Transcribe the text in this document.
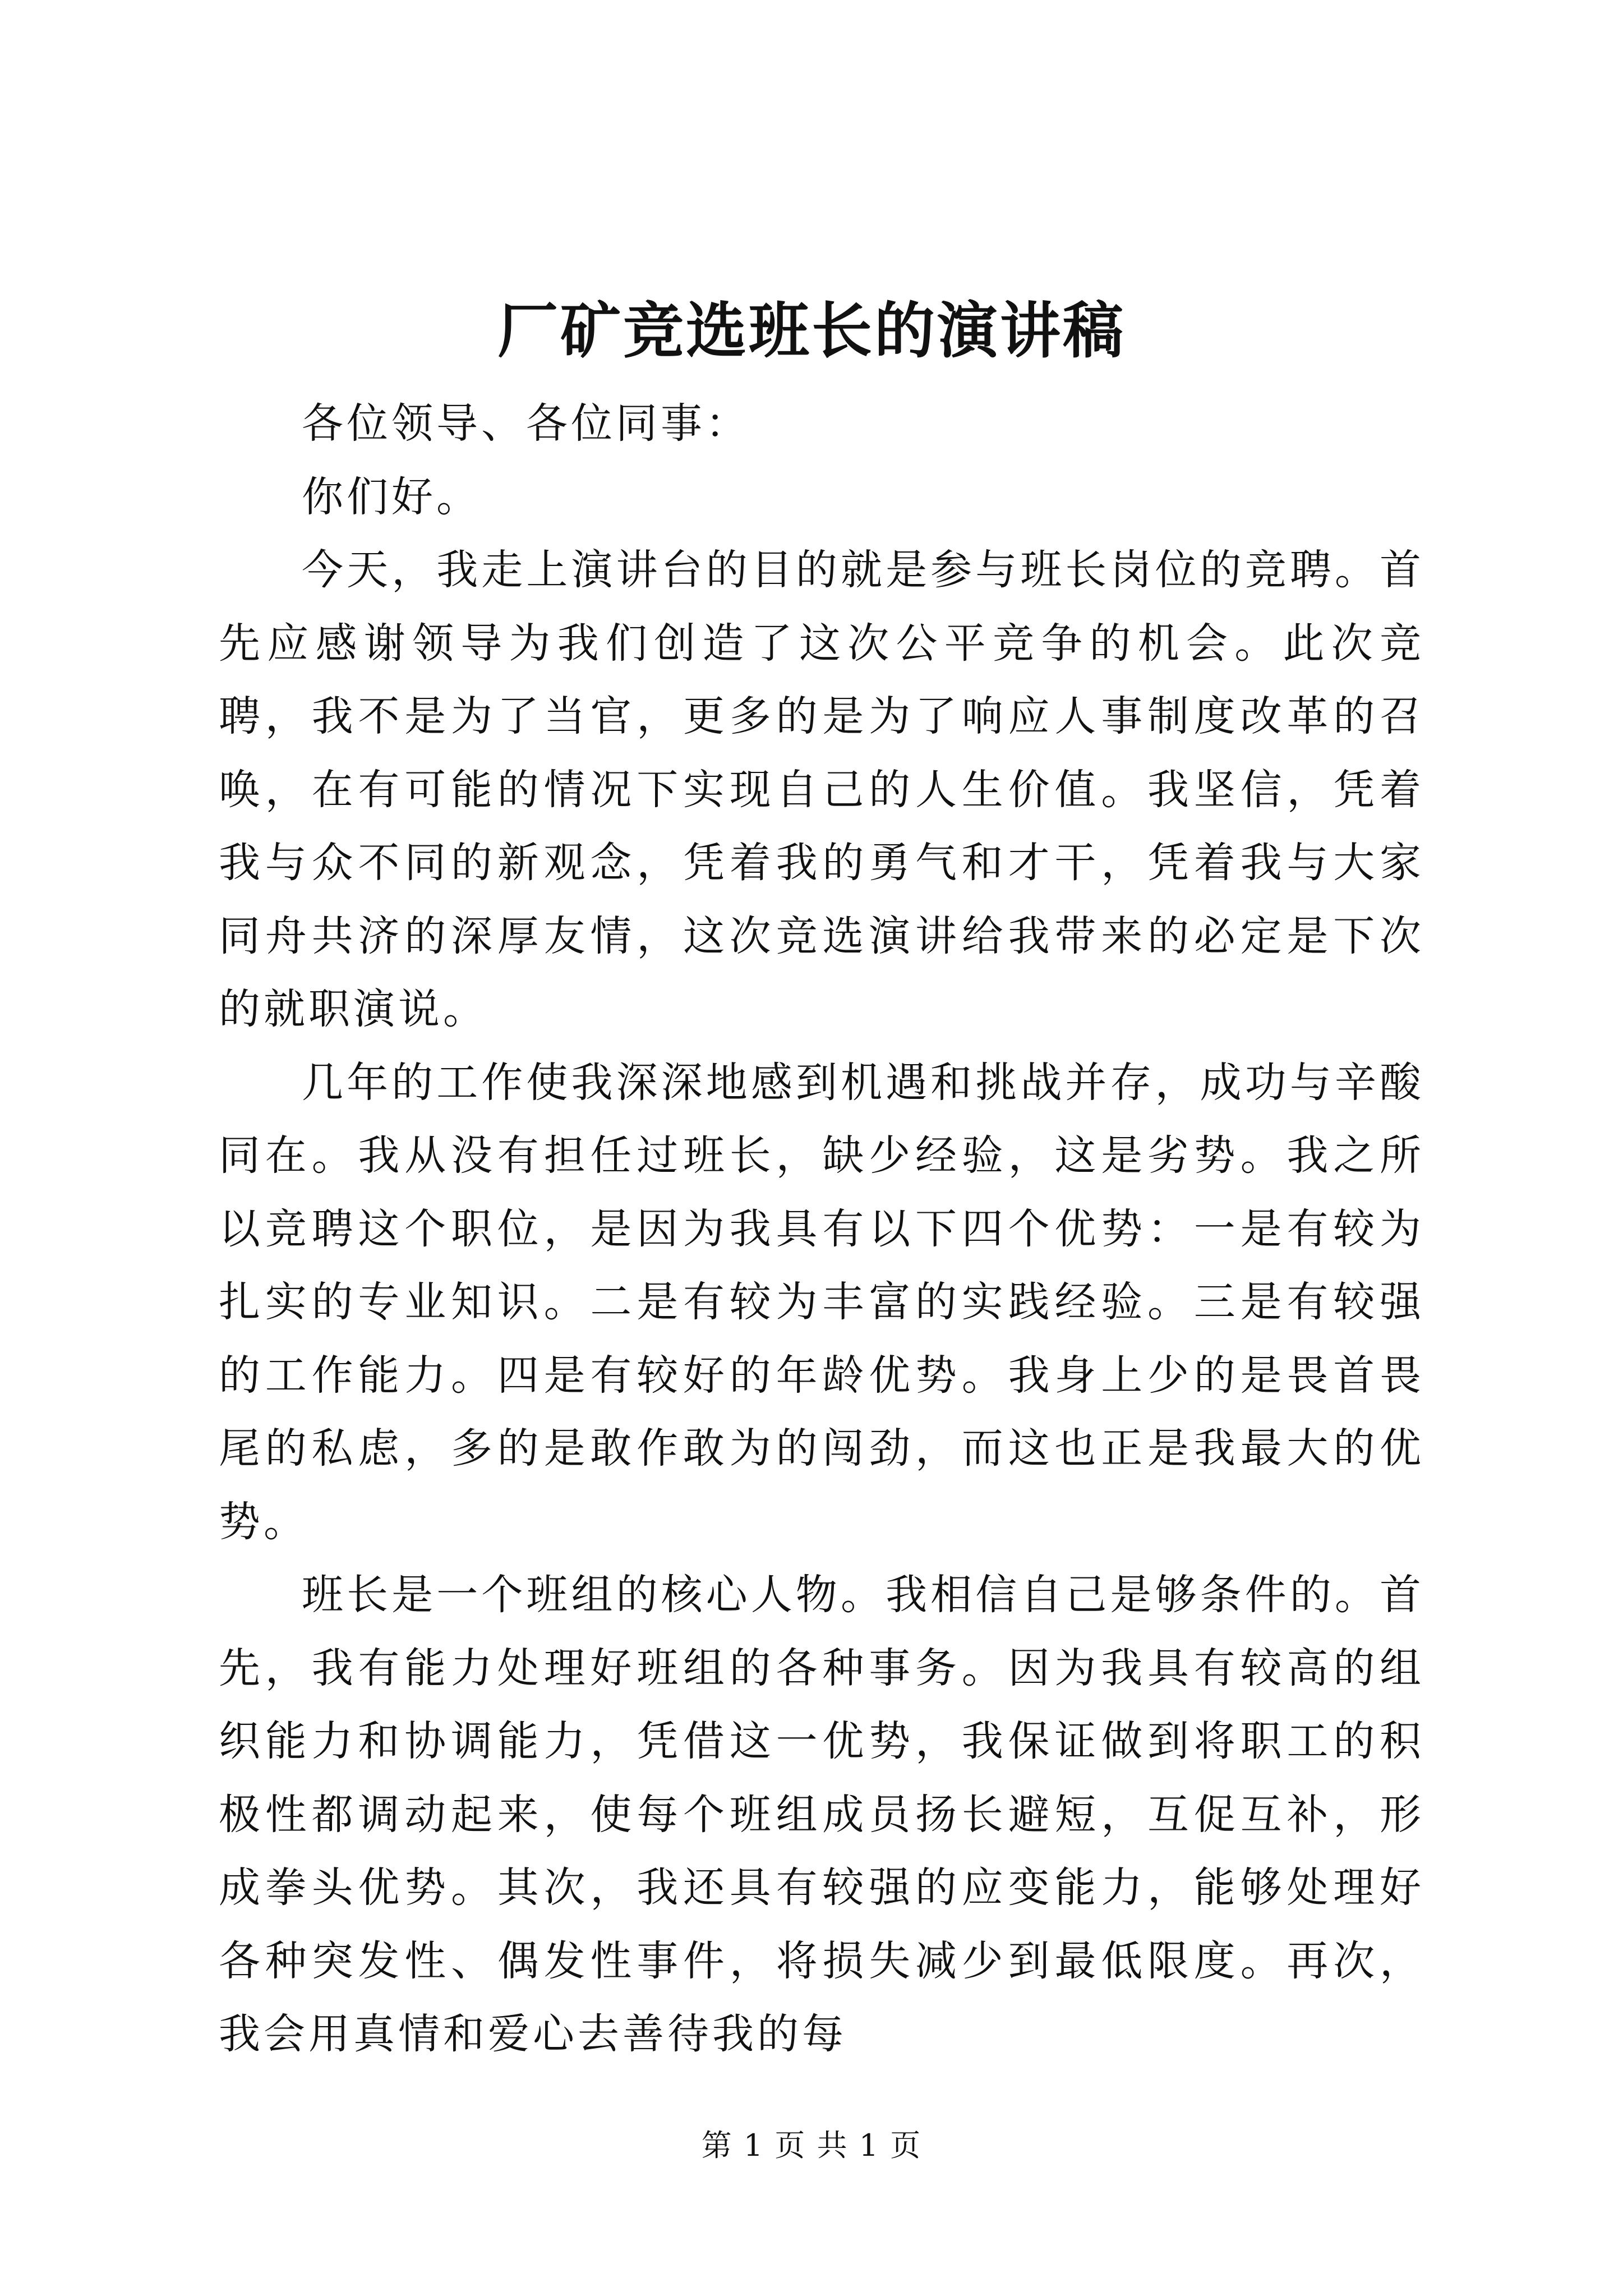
厂矿竞选班长的演讲稿

各位领导、各位同事：

你们好。

今天，我走上演讲台的目的就是参与班长岗位的竞聘。首先应感谢领导为我们创造了这次公平竞争的机会。此次竞聘，我不是为了当官，更多的是为了响应人事制度改革的召唤，在有可能的情况下实现自己的人生价值。我坚信，凭着我与众不同的新观念，凭着我的勇气和才干，凭着我与大家同舟共济的深厚友情，这次竞选演讲给我带来的必定是下次的就职演说。

几年的工作使我深深地感到机遇和挑战并存，成功与辛酸同在。我从没有担任过班长，缺少经验，这是劣势。我之所以竞聘这个职位，是因为我具有以下四个优势：一是有较为扎实的专业知识。二是有较为丰富的实践经验。三是有较强的工作能力。四是有较好的年龄优势。我身上少的是畏首畏尾的私虑，多的是敢作敢为的闯劲，而这也正是我最大的优势。

班长是一个班组的核心人物。我相信自己是够条件的。首先，我有能力处理好班组的各种事务。因为我具有较高的组织能力和协调能力，凭借这一优势，我保证做到将职工的积极性都调动起来，使每个班组成员扬长避短，互促互补，形成拳头优势。其次，我还具有较强的应变能力，能够处理好各种突发性、偶发性事件，将损失减少到最低限度。再次，我会用真情和爱心去善待我的每

第 1 页 共 1 页
